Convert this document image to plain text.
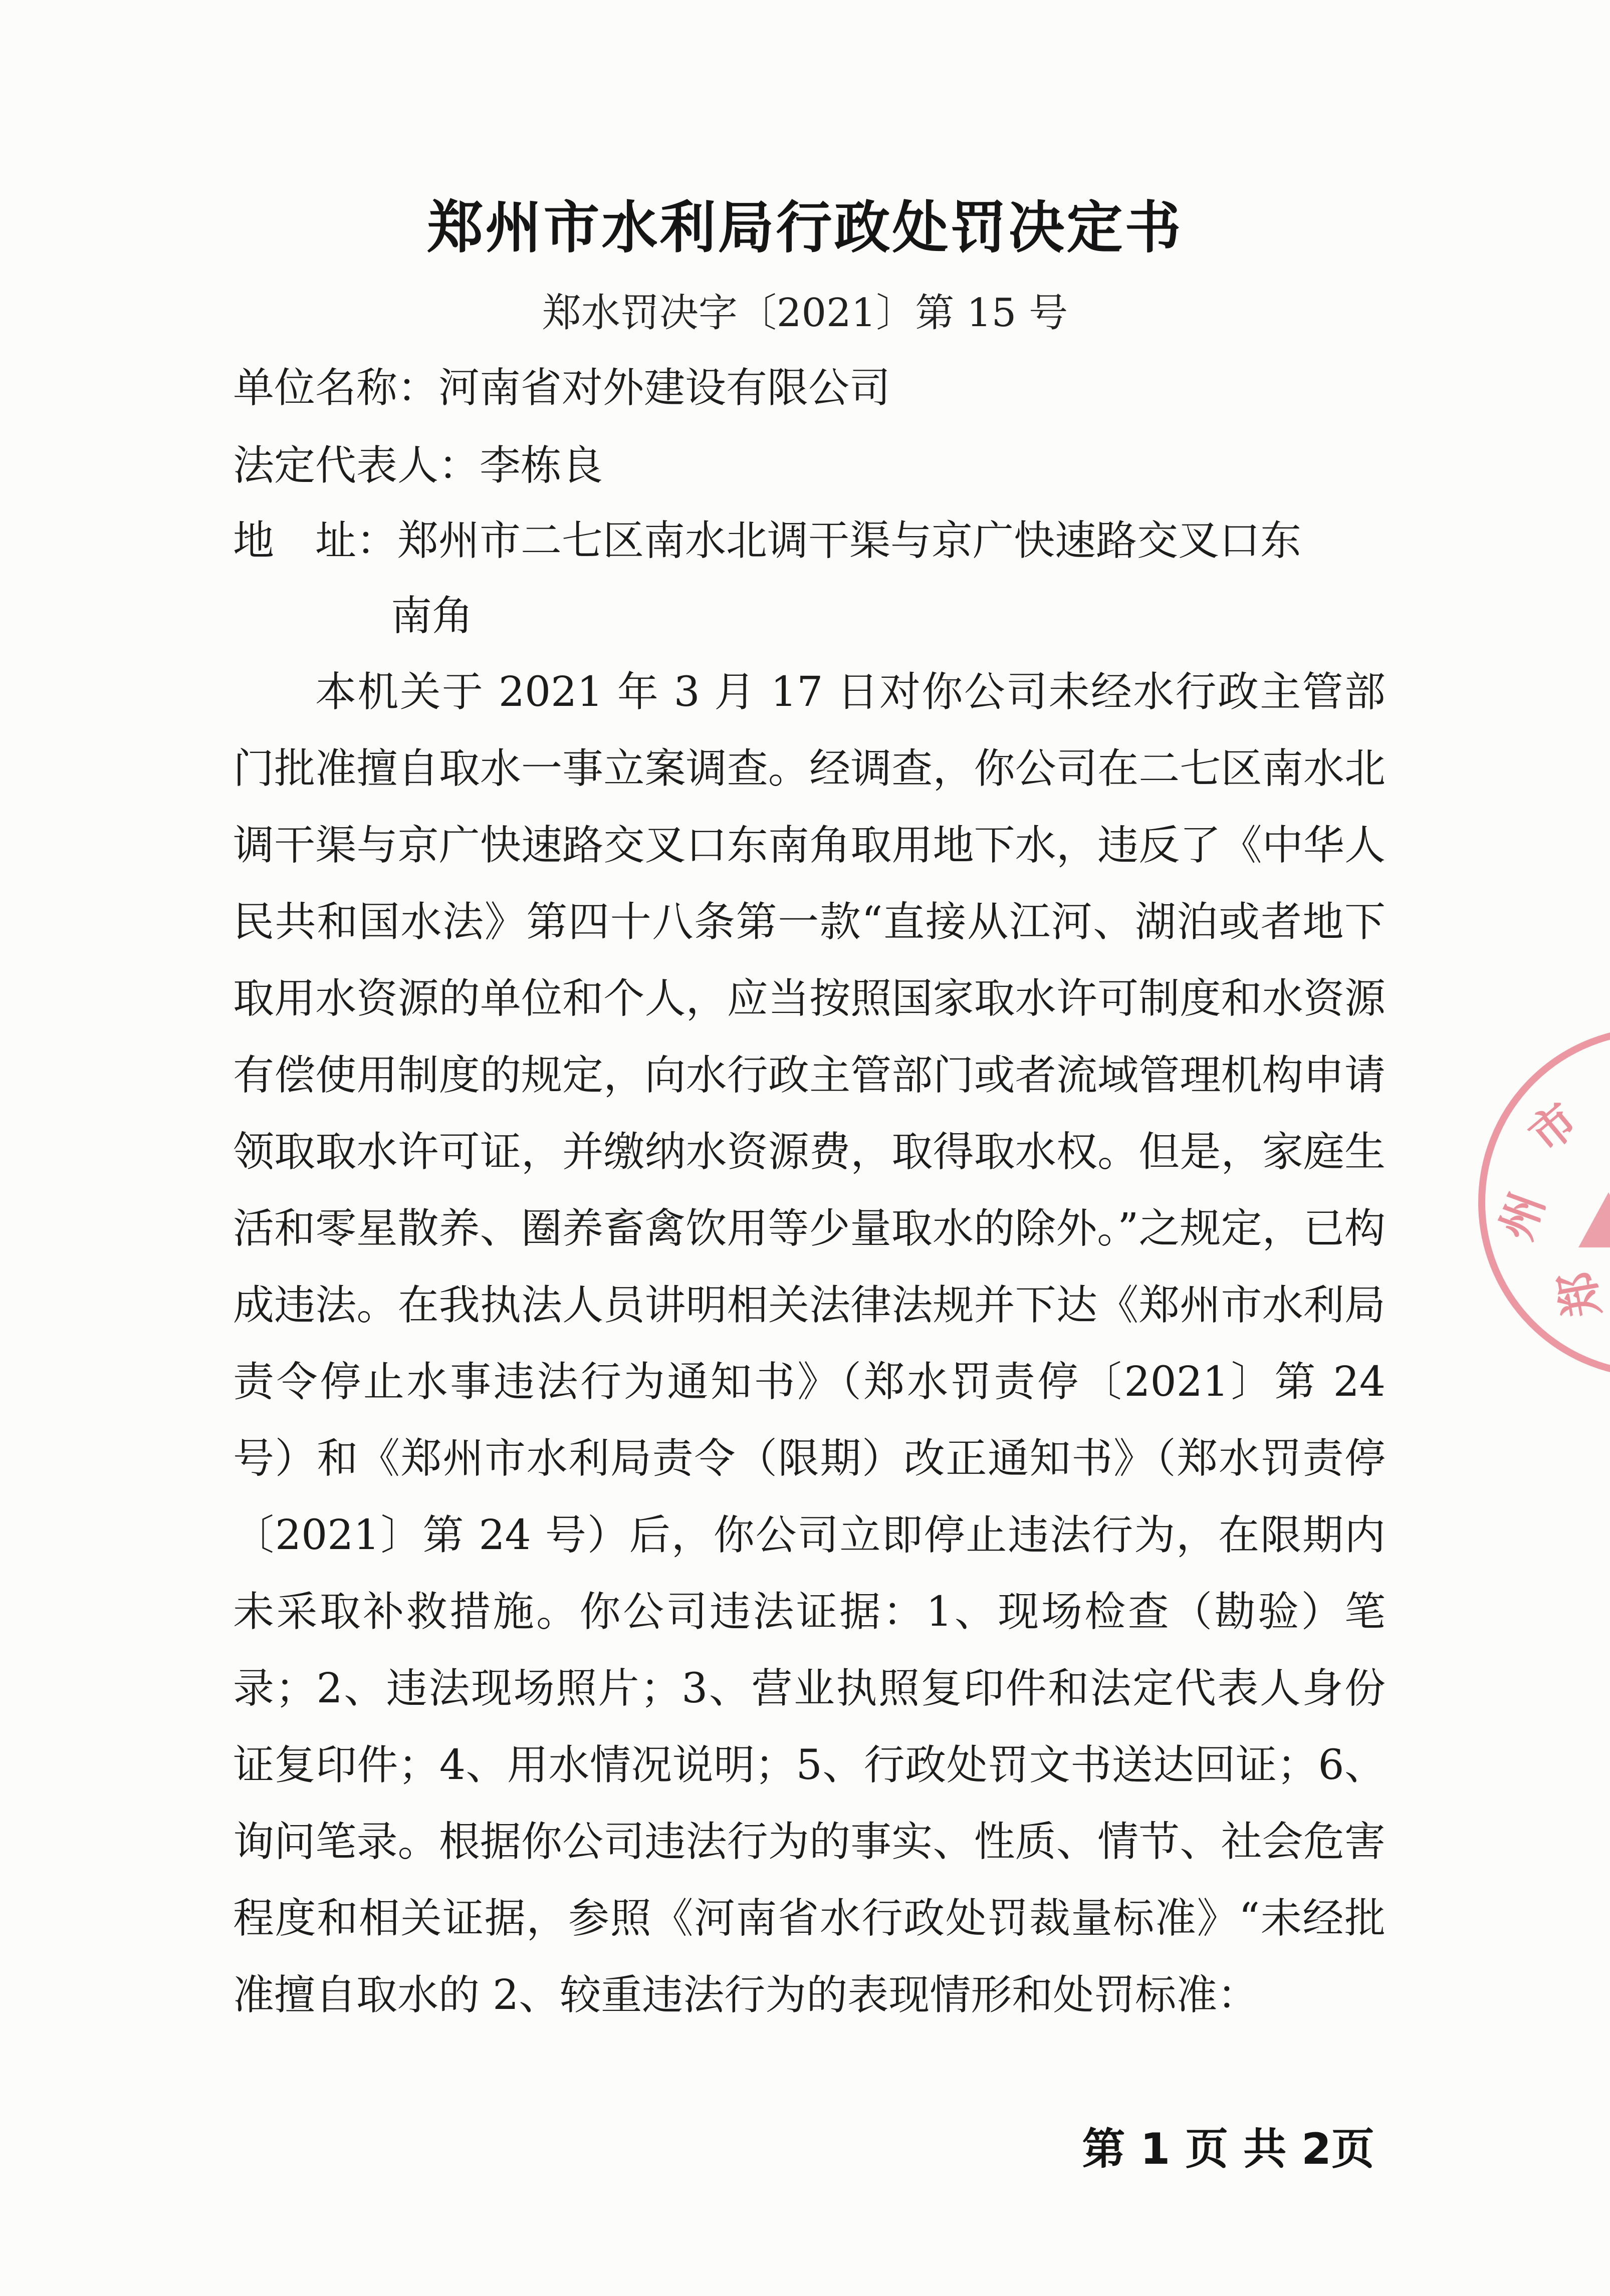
州
市
郑
郑州市水利局行政处罚决定书
郑水罚决字〔2021〕第 15 号
单位名称：河南省对外建设有限公司
法定代表人：李栋良
地　址：郑州市二七区南水北调干渠与京广快速路交叉口东
南角
本机关于 2021 年 3 月 17 日对你公司未经水行政主管部门批准擅自取水一事立案调查。经调查，你公司在二七区南水北调干渠与京广快速路交叉口东南角取用地下水，违反了《中华人民共和国水法》第四十八条第一款“直接从江河、湖泊或者地下取用水资源的单位和个人，应当按照国家取水许可制度和水资源有偿使用制度的规定，向水行政主管部门或者流域管理机构申请领取取水许可证，并缴纳水资源费，取得取水权。但是，家庭生活和零星散养、圈养畜禽饮用等少量取水的除外。”之规定，已构成违法。在我执法人员讲明相关法律法规并下达《郑州市水利局责令停止水事违法行为通知书》（郑水罚责停〔2021〕第 24 号）和《郑州市水利局责令（限期）改正通知书》（郑水罚责停〔2021〕第 24 号）后，你公司立即停止违法行为，在限期内未采取补救措施。你公司违法证据：1、现场检查（勘验）笔录；2、违法现场照片；3、营业执照复印件和法定代表人身份证复印件；4、用水情况说明；5、行政处罚文书送达回证；6、询问笔录。根据你公司违法行为的事实、性质、情节、社会危害程度和相关证据，参照《河南省水行政处罚裁量标准》“未经批准擅自取水的 2、较重违法行为的表现情形和处罚标准：
第 1 页 共 2页
